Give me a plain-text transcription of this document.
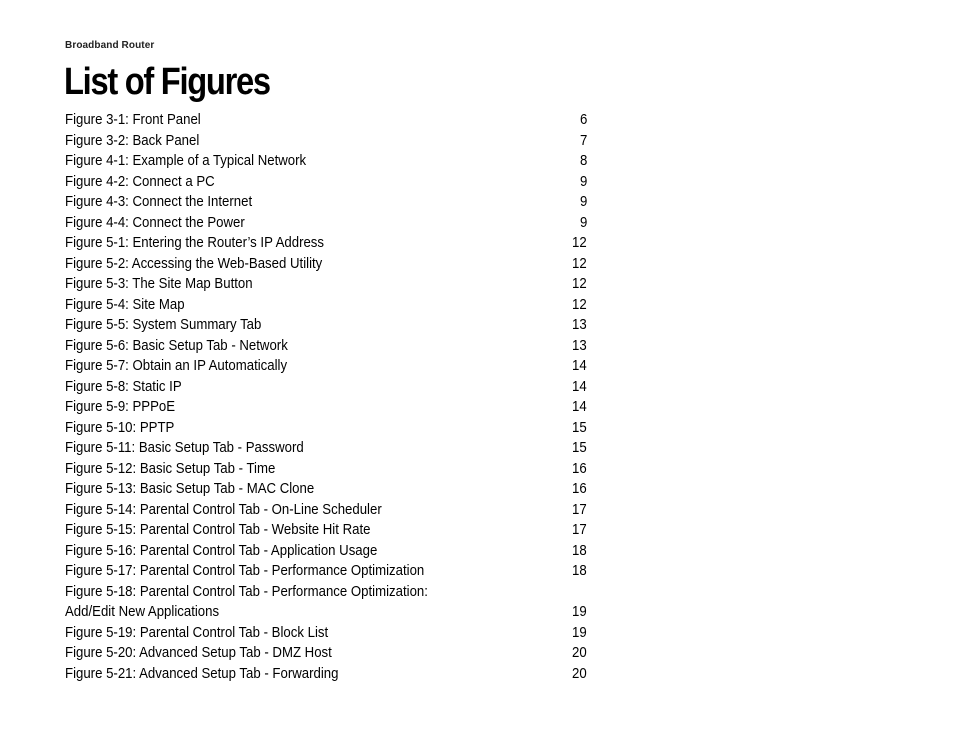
Broadband Router
List of Figures
Figure 3-1: Front Panel	6
Figure 3-2: Back Panel	7
Figure 4-1: Example of a Typical Network	8
Figure 4-2: Connect a PC	9
Figure 4-3: Connect the Internet	9
Figure 4-4: Connect the Power	9
Figure 5-1: Entering the Router’s IP Address	12
Figure 5-2: Accessing the Web-Based Utility	12
Figure 5-3: The Site Map Button	12
Figure 5-4: Site Map	12
Figure 5-5: System Summary Tab	13
Figure 5-6: Basic Setup Tab - Network	13
Figure 5-7: Obtain an IP Automatically	14
Figure 5-8: Static IP	14
Figure 5-9: PPPoE	14
Figure 5-10: PPTP	15
Figure 5-11: Basic Setup Tab - Password	15
Figure 5-12: Basic Setup Tab - Time	16
Figure 5-13: Basic Setup Tab - MAC Clone	16
Figure 5-14: Parental Control Tab - On-Line Scheduler	17
Figure 5-15: Parental Control Tab - Website Hit Rate	17
Figure 5-16: Parental Control Tab - Application Usage	18
Figure 5-17: Parental Control Tab - Performance Optimization	18
Figure 5-18: Parental Control Tab - Performance Optimization:
Add/Edit New Applications	19
Figure 5-19: Parental Control Tab - Block List	19
Figure 5-20: Advanced Setup Tab - DMZ Host	20
Figure 5-21: Advanced Setup Tab - Forwarding	20
